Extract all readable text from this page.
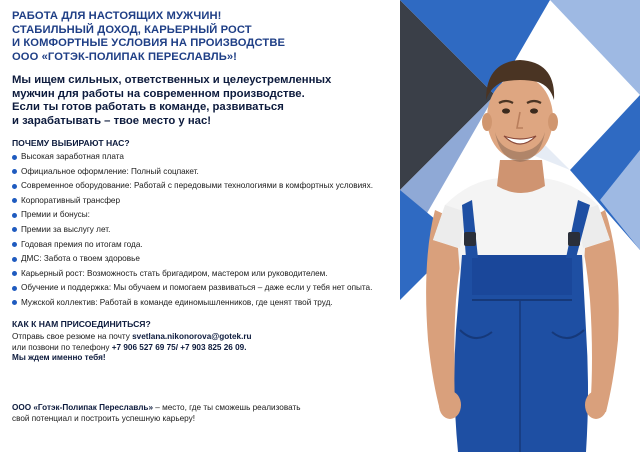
РАБОТА ДЛЯ НАСТОЯЩИХ МУЖЧИН!
СТАБИЛЬНЫЙ ДОХОД, КАРЬЕРНЫЙ РОСТ
И КОМФОРТНЫЕ УСЛОВИЯ НА ПРОИЗВОДСТВЕ
ООО «ГОТЭК-ПОЛИПАК ПЕРЕСЛАВЛЬ»!
Мы ищем сильных, ответственных и целеустремленных
мужчин для работы на современном производстве.
Если ты готов работать в команде, развиваться
и зарабатывать – твое место у нас!
ПОЧЕМУ ВЫБИРАЮТ НАС?
Высокая заработная плата
Официальное оформление: Полный соцпакет.
Современное оборудование: Работай с передовыми технологиями в комфортных условиях.
Корпоративный трансфер
Премии и бонусы:
Премии за выслугу лет.
Годовая премия по итогам года.
ДМС: Забота о твоем здоровье
Карьерный рост: Возможность стать бригадиром, мастером или руководителем.
Обучение и поддержка: Мы обучаем и помогаем развиваться – даже если у тебя нет опыта.
Мужской коллектив: Работай в команде единомышленников, где ценят твой труд.
КАК К НАМ ПРИСОЕДИНИТЬСЯ?
Отправь свое резюме на почту svetlana.nikonorova@gotek.ru
или позвони по телефону +7 906 527 69 75/ +7 903 825 26 09.
Мы ждем именно тебя!
ООО «Готэк-Полипак Переславль» – место, где ты сможешь реализовать
свой потенциал и построить успешную карьеру!
